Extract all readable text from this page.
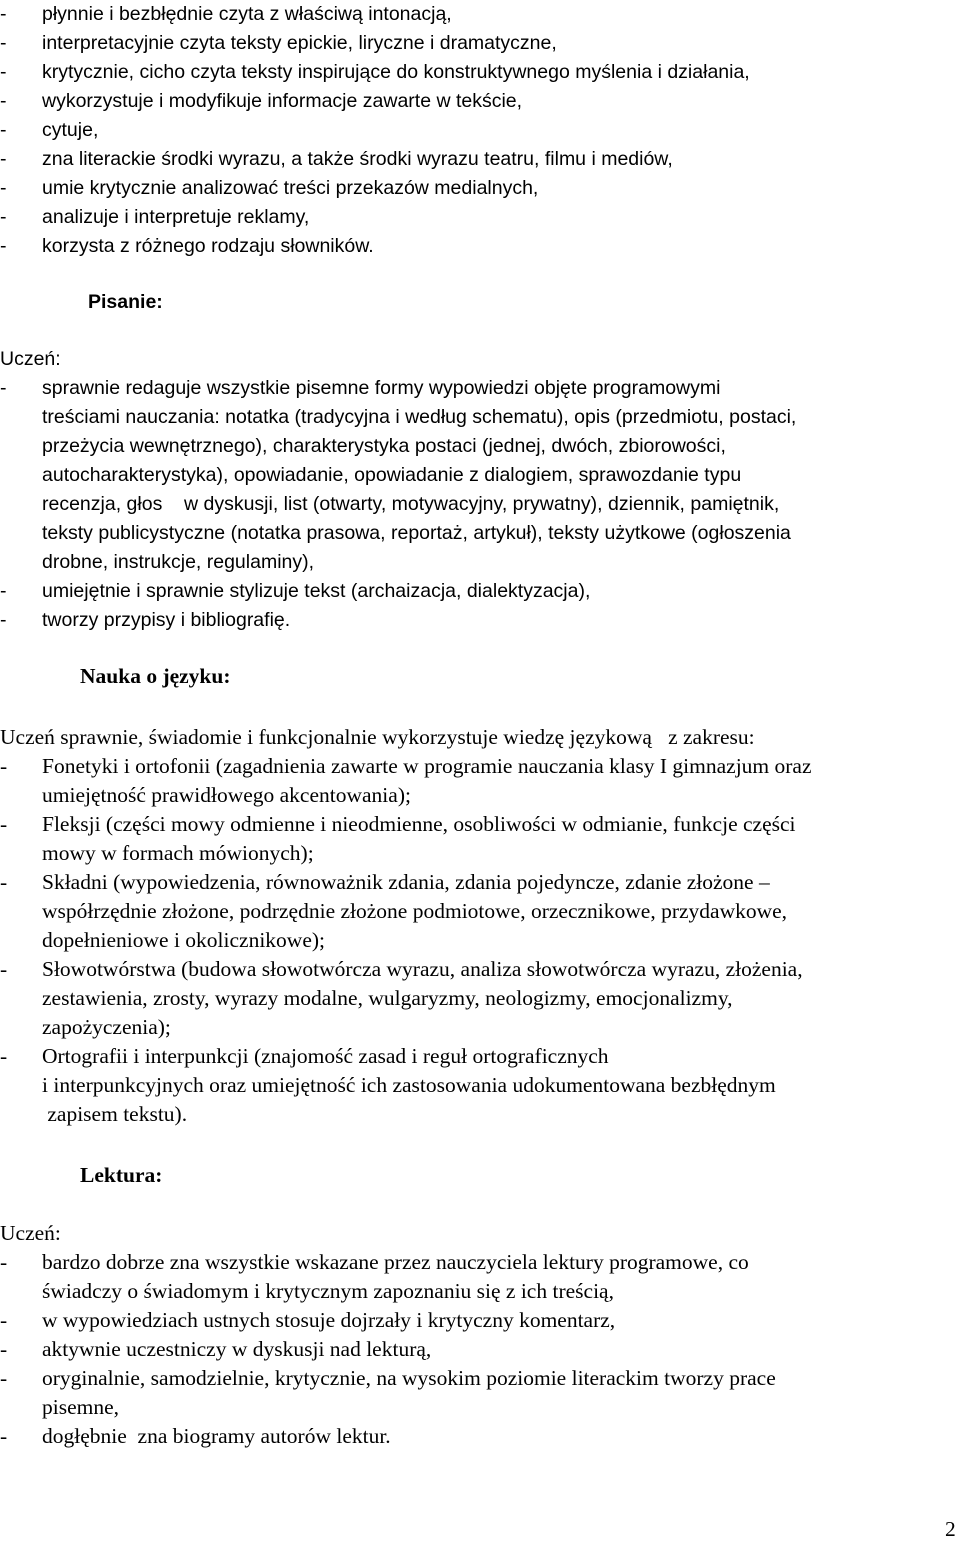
- płynnie i bezbłędnie czyta z właściwą intonacją,

- interpretacyjnie czyta teksty epickie, liryczne i dramatyczne,

- krytycznie, cicho czyta teksty inspirujące do konstruktywnego myślenia i działania,

- wykorzystuje i modyfikuje informacje zawarte w tekście,

- cytuje,

- zna literackie środki wyrazu, a także środki wyrazu teatru, filmu i mediów,

- umie krytycznie analizować treści przekazów medialnych,

- analizuje i interpretuje reklamy,

- korzysta z różnego rodzaju słowników.

Pisanie:

Uczeń:

- sprawnie redaguje wszystkie pisemne formy wypowiedzi objęte programowymi

treściami nauczania: notatka (tradycyjna i według schematu), opis (przedmiotu, postaci,

przeżycia wewnętrznego), charakterystyka postaci (jednej, dwóch, zbiorowości,

autocharakterystyka), opowiadanie, opowiadanie z dialogiem, sprawozdanie typu

recenzja, głos    w dyskusji, list (otwarty, motywacyjny, prywatny), dziennik, pamiętnik,

teksty publicystyczne (notatka prasowa, reportaż, artykuł), teksty użytkowe (ogłoszenia

drobne, instrukcje, regulaminy),

- umiejętnie i sprawnie stylizuje tekst (archaizacja, dialektyzacja),

- tworzy przypisy i bibliografię.

Nauka o języku:

Uczeń sprawnie, świadomie i funkcjonalnie wykorzystuje wiedzę językową   z zakresu:

- Fonetyki i ortofonii (zagadnienia zawarte w programie nauczania klasy I gimnazjum oraz

umiejętność prawidłowego akcentowania);

- Fleksji (części mowy odmienne i nieodmienne, osobliwości w odmianie, funkcje części

mowy w formach mówionych);

- Składni (wypowiedzenia, równoważnik zdania, zdania pojedyncze, zdanie złożone –

współrzędnie złożone, podrzędnie złożone podmiotowe, orzecznikowe, przydawkowe,

dopełnieniowe i okolicznikowe);

- Słowotwórstwa (budowa słowotwórcza wyrazu, analiza słowotwórcza wyrazu, złożenia,

zestawienia, zrosty, wyrazy modalne, wulgaryzmy, neologizmy, emocjonalizmy,

zapożyczenia);

- Ortografii i interpunkcji (znajomość zasad i reguł ortograficznych

i interpunkcyjnych oraz umiejętność ich zastosowania udokumentowana bezbłędnym

zapisem tekstu).

Lektura:

Uczeń:

- bardzo dobrze zna wszystkie wskazane przez nauczyciela lektury programowe, co

świadczy o świadomym i krytycznym zapoznaniu się z ich treścią,

- w wypowiedziach ustnych stosuje dojrzały i krytyczny komentarz,

- aktywnie uczestniczy w dyskusji nad lekturą,

- oryginalnie, samodzielnie, krytycznie, na wysokim poziomie literackim tworzy prace

pisemne,

- dogłębnie  zna biogramy autorów lektur.

2
